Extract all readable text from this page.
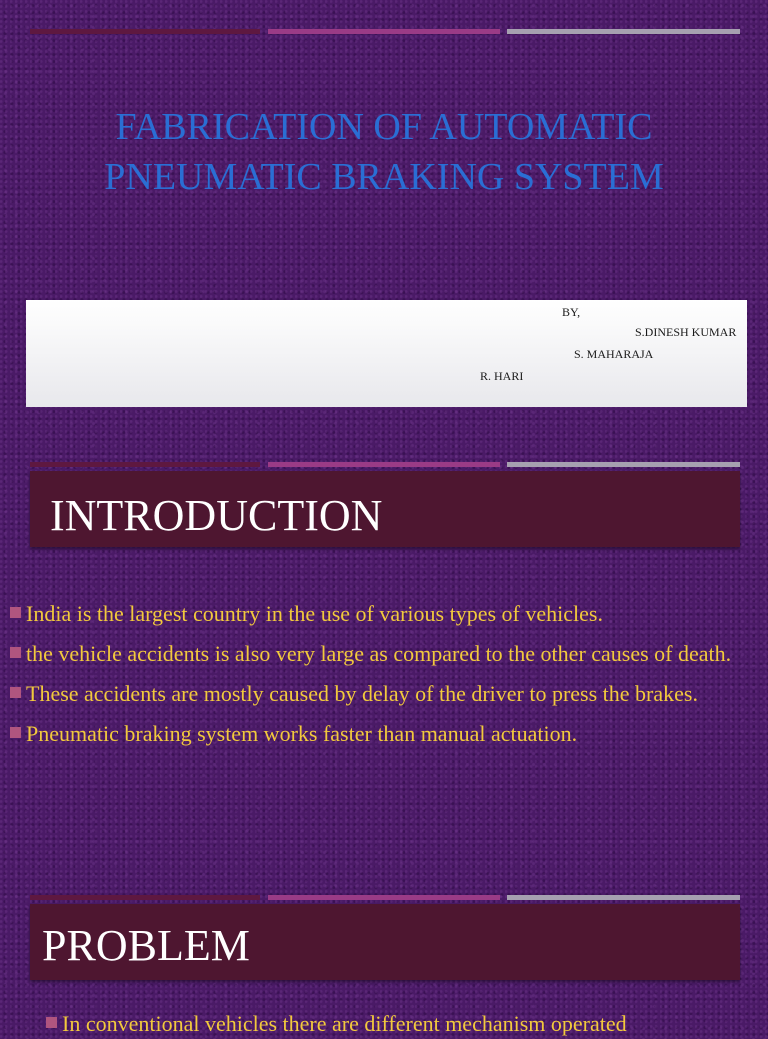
FABRICATION OF AUTOMATIC
PNEUMATIC BRAKING SYSTEM
BY,
S.DINESH KUMAR
S. MAHARAJA
R. HARI
INTRODUCTION
India is the largest country in the use of various types of vehicles.
the vehicle accidents is also very large as compared to the other causes of death.
These accidents are mostly caused by delay of the driver to press the brakes.
Pneumatic braking system works faster than manual actuation.
PROBLEM
In conventional vehicles there are different mechanism operated
